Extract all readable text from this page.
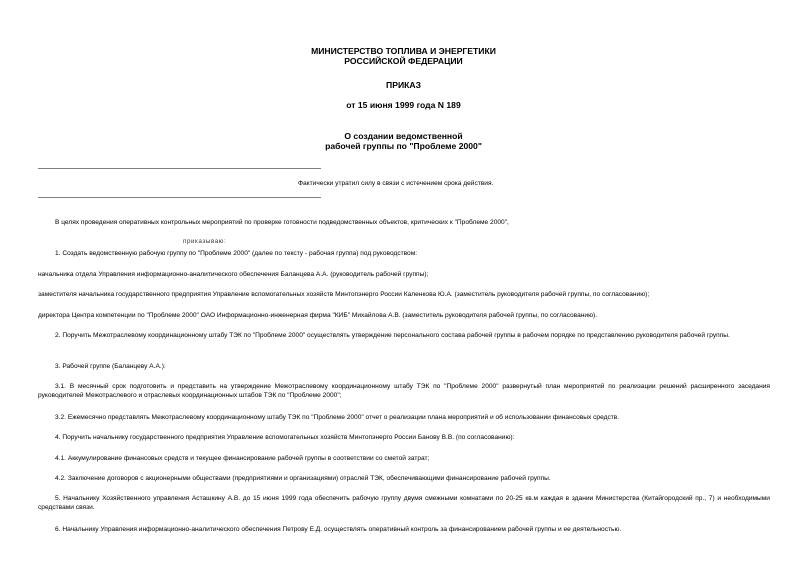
МИНИСТЕРСТВО ТОПЛИВА И ЭНЕРГЕТИКИ
РОССИЙСКОЙ ФЕДЕРАЦИИ
ПРИКАЗ
от 15 июня 1999 года N 189
О создании ведомственной
рабочей группы по "Проблеме 2000"
Фактически утратил силу в связи с истечением срока действия.
В целях проведения оперативных контрольных мероприятий по проверке готовности подведомственных объектов, критических к "Проблеме 2000",
приказываю:
1. Создать ведомственную рабочую группу по "Проблеме 2000" (далее по тексту - рабочая группа) под руководством:
начальника отдела Управления информационно-аналитического обеспечения Баланцева А.А. (руководитель рабочей группы);
заместителя начальника государственного предприятия Управление вспомогательных хозяйств Минтопэнерго России Каленкова Ю.А. (заместитель руководителя рабочей группы, по согласованию);
директора Центра компетенции по "Проблеме 2000" ОАО Информационно-инженерная фирма "КИБ" Михайлова А.В. (заместитель руководителя рабочей группы, по согласованию).
2. Поручить Межотраслевому координационному штабу ТЭК по "Проблеме 2000" осуществлять утверждение персонального состава рабочей группы в рабочем порядке по представлению руководителя рабочей группы.
3. Рабочей группе (Баланцеву А.А.):
3.1. В месячный срок подготовить и представить на утверждение Межотраслевому координационному штабу ТЭК по "Проблеме 2000" развернутый план мероприятий по реализации решений расширенного заседания руководителей Межотраслевого и отраслевых координационных штабов ТЭК по "Проблеме 2000";
3.2. Ежемесячно представлять Межотраслевому координационному штабу ТЭК по "Проблеме 2000" отчет о реализации плана мероприятий и об использовании финансовых средств.
4. Поручить начальнику государственного предприятия Управление вспомогательных хозяйств Минтопэнерго России Банову В.В. (по согласованию):
4.1. Аккумулирование финансовых средств и текущее финансирование рабочей группы в соответствии со сметой затрат;
4.2. Заключение договоров с акционерными обществами (предприятиями и организациями) отраслей ТЭК, обеспечивающими финансирование рабочей группы.
5. Начальнику Хозяйственного управления Асташкину А.В. до 15 июня 1999 года обеспечить рабочую группу двумя смежными комнатами по 20-25 кв.м каждая в здании Министерства (Китайгородский пр., 7) и необходимыми средствами связи.
6. Начальнику Управления информационно-аналитического обеспечения Петрову Е.Д. осуществлять оперативный контроль за финансированием рабочей группы и ее деятельностью.
